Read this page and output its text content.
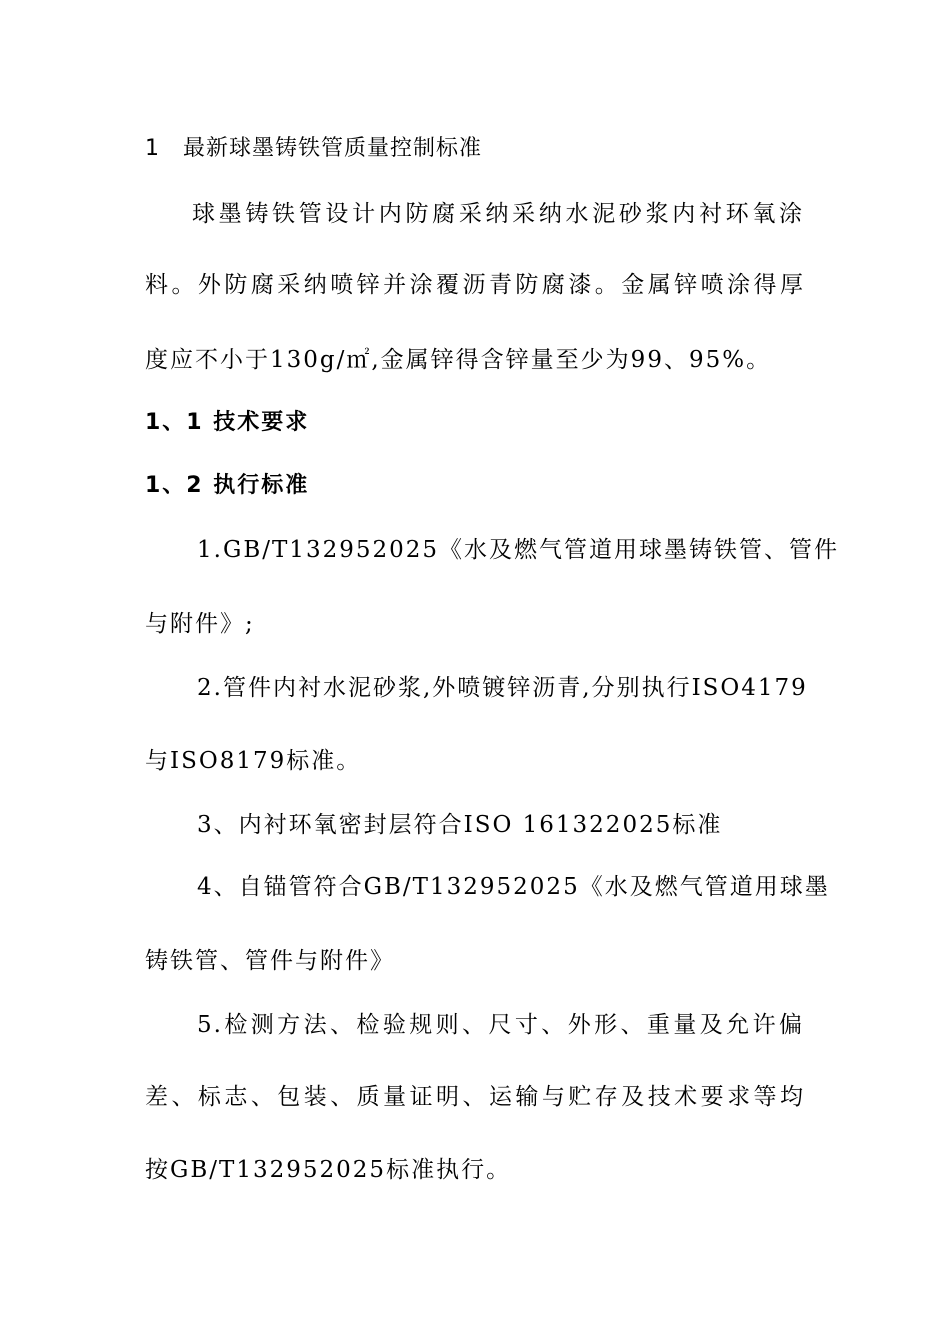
1 最新球墨铸铁管质量控制标准
球墨铸铁管设计内防腐采纳采纳水泥砂浆内衬环氧涂
料。外防腐采纳喷锌并涂覆沥青防腐漆。金属锌喷涂得厚
度应不小于130g/㎡,金属锌得含锌量至少为99、95%。
1、1 技术要求
1、2 执行标准
1.GB/T132952025《水及燃气管道用球墨铸铁管、管件
与附件》;
2.管件内衬水泥砂浆,外喷镀锌沥青,分别执行ISO4179
与ISO8179标准。
3、内衬环氧密封层符合ISO 161322025标准
4、自锚管符合GB/T132952025《水及燃气管道用球墨
铸铁管、管件与附件》
5.检测方法、检验规则、尺寸、外形、重量及允许偏
差、标志、包装、质量证明、运输与贮存及技术要求等均
按GB/T132952025标准执行。
